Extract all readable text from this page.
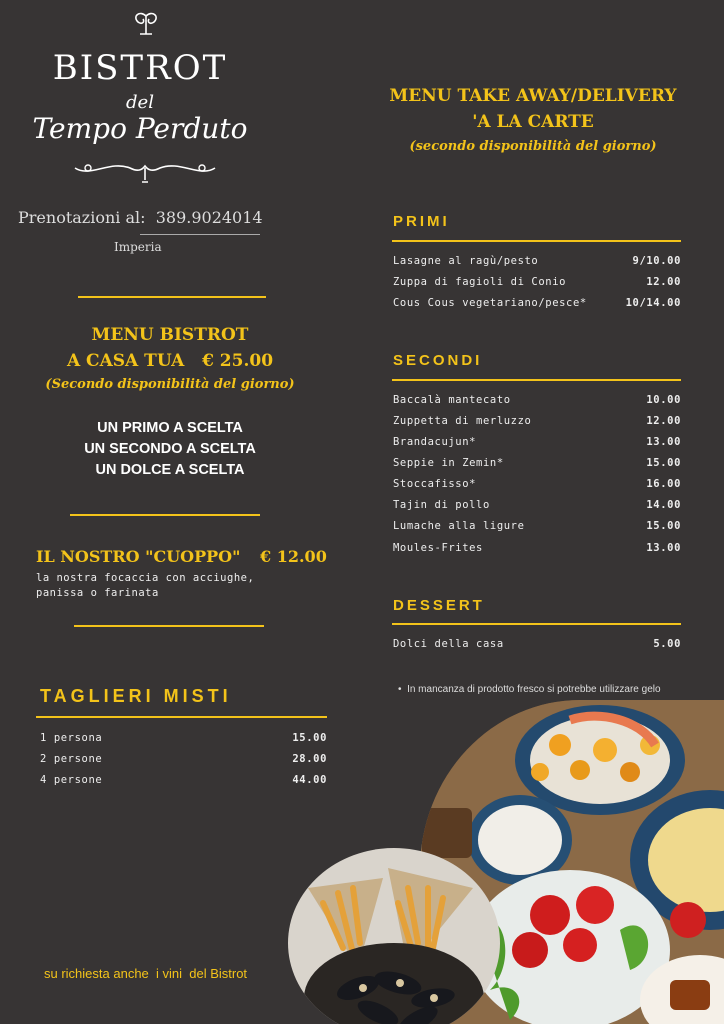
BISTROT
del
Tempo Perduto
Prenotazioni al: 389.9024014
Imperia
MENU BISTROT
A CASA TUA   € 25.00
(Secondo disponibilità del giorno)
UN PRIMO A SCELTA
UN SECONDO A SCELTA
UN DOLCE A SCELTA
IL NOSTRO "CUOPPO" € 12.00
la nostra focaccia con acciughe,
panissa o farinata
TAGLIERI MISTI
1 persona	15.00
2 persone	28.00
4 persone	44.00
MENU TAKE AWAY/DELIVERY
'A LA CARTE
(secondo disponibilità del giorno)
PRIMI
Lasagne al ragù/pesto	9/10.00
Zuppa di fagioli di Conio	12.00
Cous Cous vegetariano/pesce*	10/14.00
SECONDI
Baccalà mantecato	10.00
Zuppetta di merluzzo	12.00
Brandacujun*	13.00
Seppie in Zemin*	15.00
Stoccafisso*	16.00
Tajin di pollo	14.00
Lumache alla ligure	15.00
Moules-Frites	13.00
DESSERT
Dolci della casa	5.00
•  In mancanza di prodotto fresco si potrebbe utilizzare gelo
su richiesta anche  i vini  del Bistrot
